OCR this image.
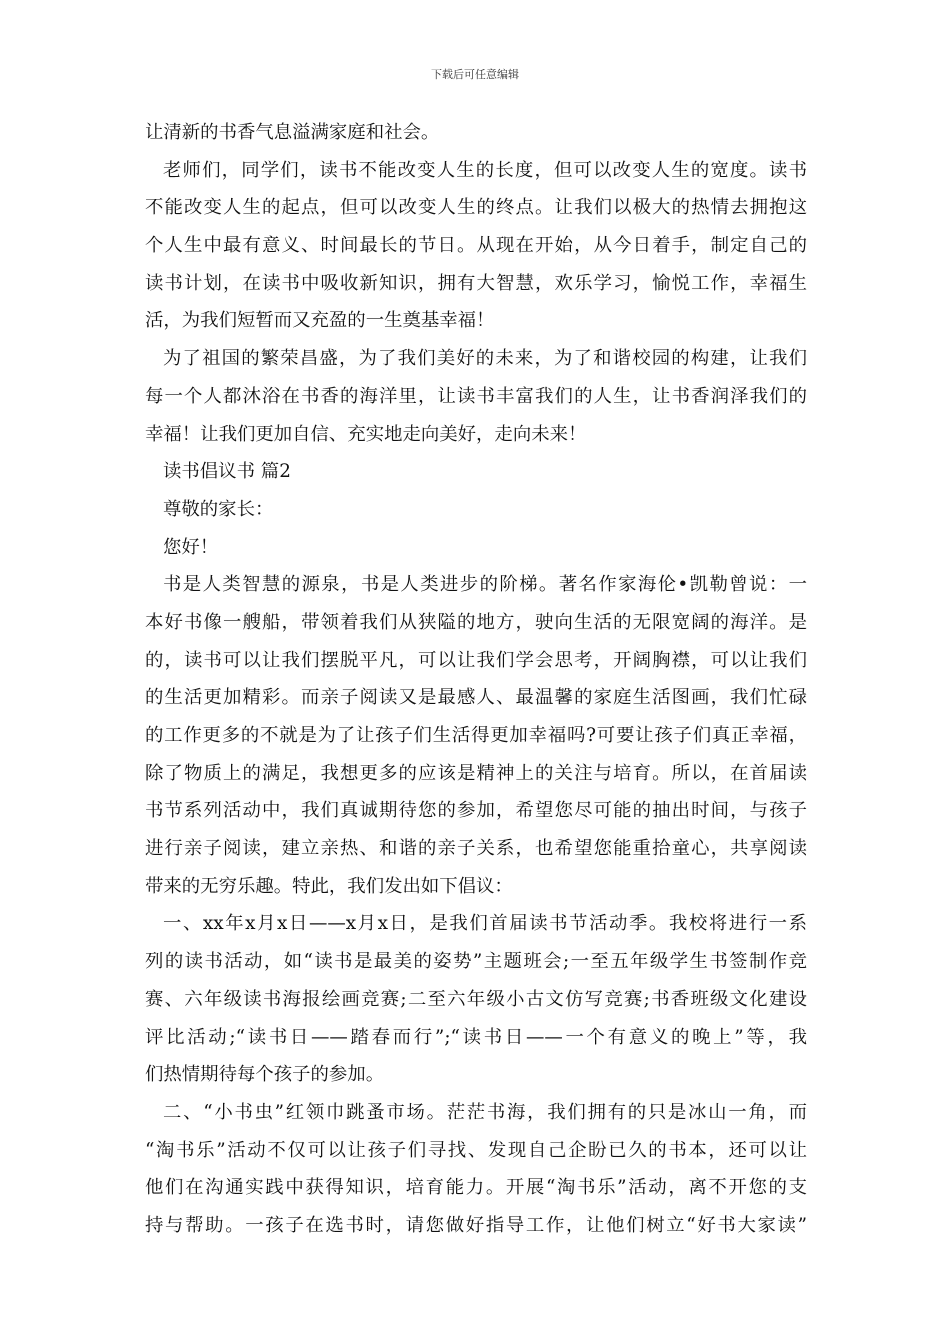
下载后可任意编辑
让清新的书香气息溢满家庭和社会。
老师们，同学们，读书不能改变人生的长度，但可以改变人生的宽度。读书
不能改变人生的起点，但可以改变人生的终点。让我们以极大的热情去拥抱这
个人生中最有意义、时间最长的节日。从现在开始，从今日着手，制定自己的
读书计划，在读书中吸收新知识，拥有大智慧，欢乐学习，愉悦工作，幸福生
活，为我们短暂而又充盈的一生奠基幸福！
为了祖国的繁荣昌盛，为了我们美好的未来，为了和谐校园的构建，让我们
每一个人都沐浴在书香的海洋里，让读书丰富我们的人生，让书香润泽我们的
幸福！让我们更加自信、充实地走向美好，走向未来！
读书倡议书 篇2
尊敬的家长：
您好！
书是人类智慧的源泉，书是人类进步的阶梯。著名作家海伦•凯勒曾说：一
本好书像一艘船，带领着我们从狭隘的地方，驶向生活的无限宽阔的海洋。是
的，读书可以让我们摆脱平凡，可以让我们学会思考，开阔胸襟，可以让我们
的生活更加精彩。而亲子阅读又是最感人、最温馨的家庭生活图画，我们忙碌
的工作更多的不就是为了让孩子们生活得更加幸福吗?可要让孩子们真正幸福，
除了物质上的满足，我想更多的应该是精神上的关注与培育。所以，在首届读
书节系列活动中，我们真诚期待您的参加，希望您尽可能的抽出时间，与孩子
进行亲子阅读，建立亲热、和谐的亲子关系，也希望您能重拾童心，共享阅读
带来的无穷乐趣。特此，我们发出如下倡议：
一、xx年x月x日——x月x日，是我们首届读书节活动季。我校将进行一系
列的读书活动，如“读书是最美的姿势”主题班会;一至五年级学生书签制作竞
赛、六年级读书海报绘画竞赛;二至六年级小古文仿写竞赛;书香班级文化建设
评比活动;“读书日——踏春而行”;“读书日——一个有意义的晚上”等，我
们热情期待每个孩子的参加。
二、“小书虫”红领巾跳蚤市场。茫茫书海，我们拥有的只是冰山一角，而
“淘书乐”活动不仅可以让孩子们寻找、发现自己企盼已久的书本，还可以让
他们在沟通实践中获得知识，培育能力。开展“淘书乐”活动，离不开您的支
持与帮助。一孩子在选书时，请您做好指导工作，让他们树立“好书大家读”
